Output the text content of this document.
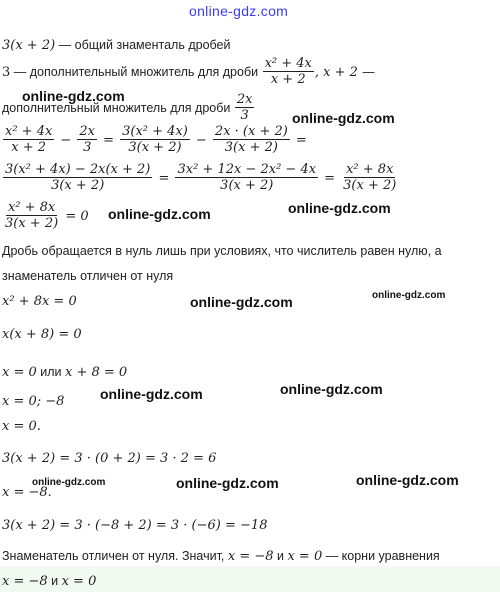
online-gdz.com
3(x + 2) — общий знаменталь дробей
3 — дополнительный множитель для дроби $\frac{\text{x² + 4x}}{x + 2}$ , x + 2 —
online-gdz.com
дополнительный множитель для дроби $\frac{2x}{3}$	online-gdz.com
$\frac{\text{x² + 4x}}{x + 2} - \frac{2x}{3} = \frac{\text{3(x² + 4x)}}{3(x + 2)} - \frac{2x \cdot (x + 2)}{3(x + 2)}$ =
$\frac{\text{3(x² + 4x) − 2x(x + 2)}}{3(x + 2)} = \frac{\text{3x² + 12x − 2x² − 4x}}{3(x + 2)} = \frac{\text{x² + 8x}}{3(x + 2)}$
$\frac{\text{x² + 8x}}{3(x + 2)} = 0$ online-gdz.com	online-gdz.com
Дробь обращается в нуль лишь при условиях, что числитель равен нулю, а
знаменатель отличен от нуля
x² + 8x = 0	online-gdz.com
online-gdz.com
x(x + 8) = 0
x = 0 или x + 8 = 0
x = 0; −8	online-gdz.com	online-gdz.com
x = 0.
3(x + 2) = 3 · (0 + 2) = 3 · 2 = 6
x = −8.
online-gdz.com	online-gdz.com	online-gdz.com
3(x + 2) = 3 · (−8 + 2) = 3 · (−6) = −18
Знаменатель отличен от нуля. Значит, x = −8 и x = 0 — корни уравнения
x = −8 и x = 0
